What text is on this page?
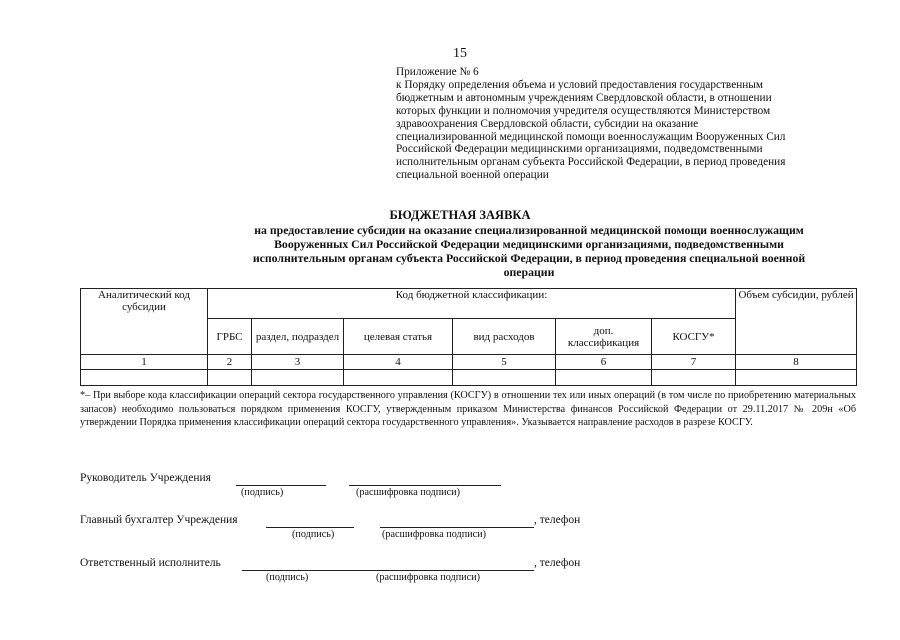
15
Приложение № 6
к Порядку определения объема и условий предоставления государственным
бюджетным и автономным учреждениям Свердловской области, в отношении
которых функции и полномочия учредителя осуществляются Министерством
здравоохранения Свердловской области, субсидии на оказание
специализированной медицинской помощи военнослужащим Вооруженных Сил
Российской Федерации медицинскими организациями, подведомственными
исполнительным органам субъекта Российской Федерации, в период проведения
специальной военной операции
БЮДЖЕТНАЯ ЗАЯВКА
на предоставление субсидии на оказание специализированной медицинской помощи военнослужащим
Вооруженных Сил Российской Федерации медицинскими организациями, подведомственными
исполнительным органам субъекта Российской Федерации, в период проведения специальной военной
операции
Аналитический код субсидии	Код бюджетной классификации:						Объем субсидии, рублей
	ГРБС	раздел, подраздел	целевая статья	вид расходов	доп. классификация	КОСГУ*	
1	2	3	4	5	6	7	8

*– При выборе кода классификации операций сектора государственного управления (КОСГУ) в отношении тех или иных операций (в том числе по приобретению материальных запасов) необходимо пользоваться порядком применения КОСГУ, утвержденным приказом Министерства финансов Российской Федерации от 29.11.2017 № 209н «Об утверждении Порядка применения классификации операций сектора государственного управления». Указывается направление расходов в разрезе КОСГУ.
Руководитель Учреждения
(подпись)	(расшифровка подписи)
Главный бухгалтер Учреждения	, телефон
(подпись)	(расшифровка подписи)
Ответственный исполнитель	, телефон
(подпись)	(расшифровка подписи)
